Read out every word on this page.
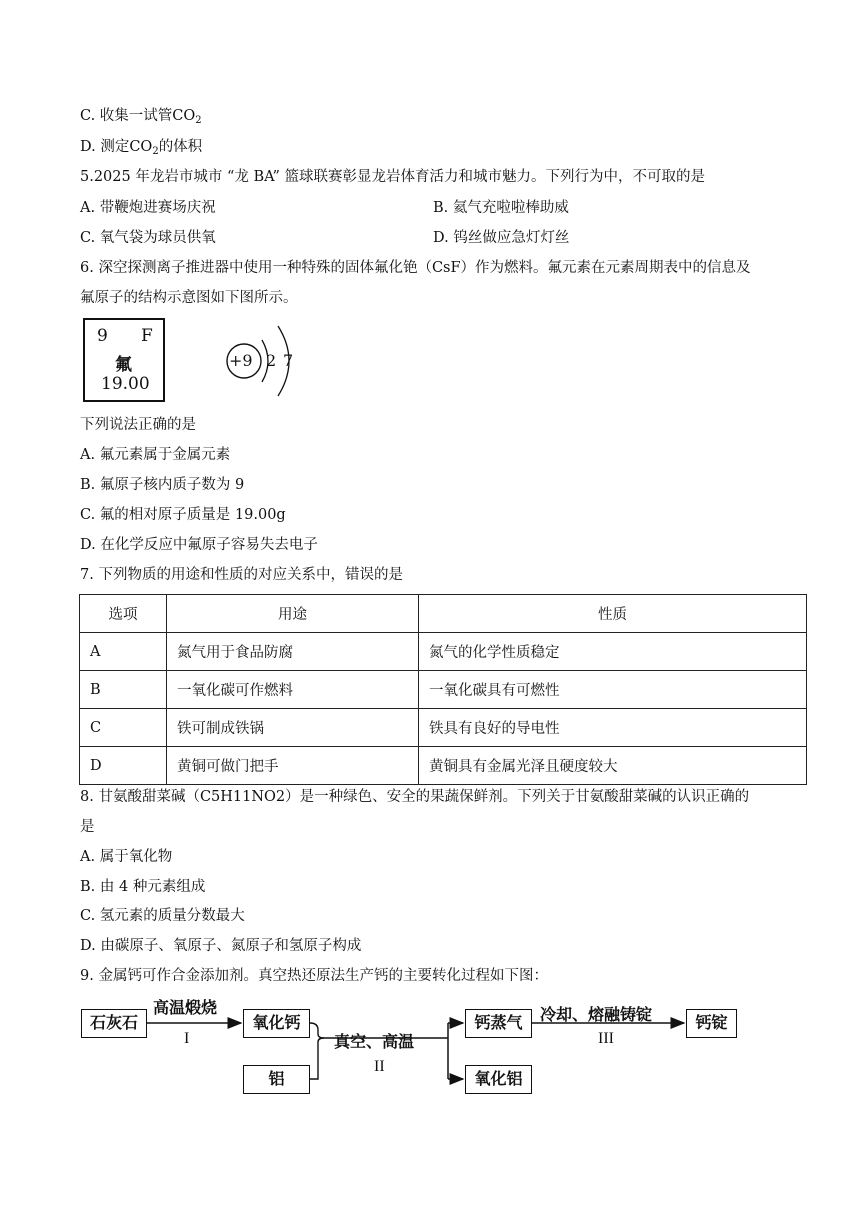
C. 收集一试管$CO_2$
D. 测定$CO_2$的体积
5.2025 年龙岩市城市 “龙 BA” 篮球联赛彰显龙岩体育活力和城市魅力。下列行为中，不可取的是
A. 带鞭炮进赛场庆祝	B. 氦气充啦啦棒助威
C. 氧气袋为球员供氧	D. 钨丝做应急灯灯丝
6. 深空探测离子推进器中使用一种特殊的固体氟化铯（CsF）作为燃料。氟元素在元素周期表中的信息及
氟原子的结构示意图如下图所示。
9 F
氟
19.00
+9 2 7
下列说法正确的是
A. 氟元素属于金属元素
B. 氟原子核内质子数为 9
C. 氟的相对原子质量是 19.00g
D. 在化学反应中氟原子容易失去电子
7. 下列物质的用途和性质的对应关系中，错误的是
选项	用途	性质
A	氮气用于食品防腐	氮气的化学性质稳定
B	一氧化碳可作燃料	一氧化碳具有可燃性
C	铁可制成铁锅	铁具有良好的导电性
D	黄铜可做门把手	黄铜具有金属光泽且硬度较大
8. 甘氨酸甜菜碱（C5H11NO2）是一种绿色、安全的果蔬保鲜剂。下列关于甘氨酸甜菜碱的认识正确的
是
A. 属于氧化物
B. 由 4 种元素组成
C. 氢元素的质量分数最大
D. 由碳原子、氧原子、氮原子和氢原子构成
9. 金属钙可作合金添加剂。真空热还原法生产钙的主要转化过程如下图：
石灰石	氧化钙
铝
钙蒸气
氧化铝
钙锭
高温煅烧
I	真空、高温
II
冷却、熔融铸锭
III
